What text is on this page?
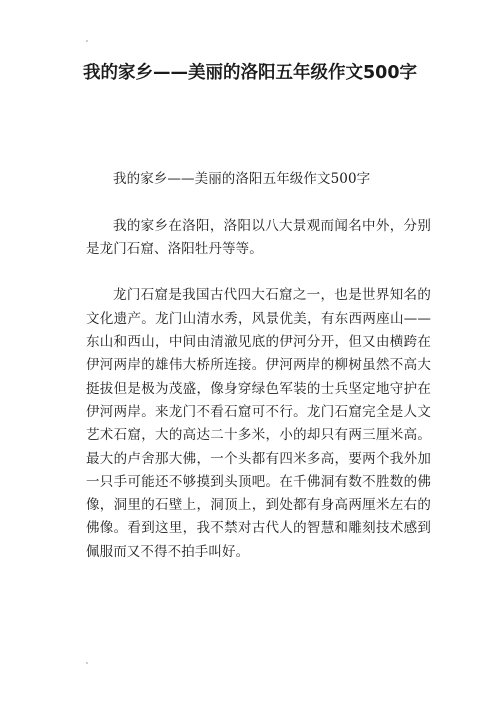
我的家乡——美丽的洛阳五年级作文500字

我的家乡——美丽的洛阳五年级作文500字

我的家乡在洛阳，洛阳以八大景观而闻名中外，分别是龙门石窟、洛阳牡丹等等。

龙门石窟是我国古代四大石窟之一，也是世界知名的文化遗产。龙门山清水秀，风景优美，有东西两座山——东山和西山，中间由清澈见底的伊河分开，但又由横跨在伊河两岸的雄伟大桥所连接。伊河两岸的柳树虽然不高大挺拔但是极为茂盛，像身穿绿色军装的士兵坚定地守护在伊河两岸。来龙门不看石窟可不行。龙门石窟完全是人文艺术石窟，大的高达二十多米，小的却只有两三厘米高。最大的卢舍那大佛，一个头都有四米多高，要两个我外加一只手可能还不够摸到头顶吧。在千佛洞有数不胜数的佛像，洞里的石壁上，洞顶上，到处都有身高两厘米左右的佛像。看到这里，我不禁对古代人的智慧和雕刻技术感到佩服而又不得不拍手叫好。
